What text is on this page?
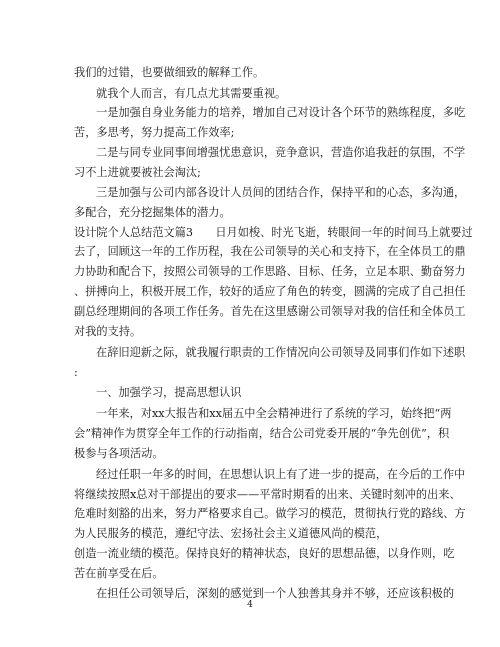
我们的过错，也要做细致的解释工作。
就我个人而言，有几点尤其需要重视。
一是加强自身业务能力的培养，增加自己对设计各个环节的熟练程度，多吃
苦，多思考，努力提高工作效率;
二是与同专业同事间增强忧患意识，竞争意识，营造你追我赶的氛围，不学
习不上进就要被社会淘汰;
三是加强与公司内部各设计人员间的团结合作，保持平和的心态，多沟通，
多配合，充分挖掘集体的潜力。
设计院个人总结范文篇3　　日月如梭、时光飞逝，转眼间一年的时间马上就要过
去了，回顾这一年的工作历程，我在公司领导的关心和支持下，在全体员工的鼎
力协助和配合下，按照公司领导的工作思路、目标、任务，立足本职、勤奋努力
、拼搏向上，积极开展工作，较好的适应了角色的转变，圆满的完成了自己担任
副总经理期间的各项工作任务。首先在这里感谢公司领导对我的信任和全体员工
对我的支持。
在辞旧迎新之际，就我履行职责的工作情况向公司领导及同事们作如下述职
:
一、加强学习，提高思想认识
一年来，对xx大报告和xx届五中全会精神进行了系统的学习，始终把“两
会”精神作为贯穿全年工作的行动指南，结合公司党委开展的“争先创优”，积
极参与各项活动。
经过任职一年多的时间，在思想认识上有了进一步的提高，在今后的工作中
将继续按照x总对干部提出的要求——平常时期看的出来、关键时刻冲的出来、
危难时刻豁的出来，努力严格要求自己。做学习的模范，贯彻执行党的路线、方
为人民服务的模范，遵纪守法、宏扬社会主义道德风尚的模范，
创造一流业绩的模范。保持良好的精神状态，良好的思想品德，以身作则，吃
苦在前享受在后。
在担任公司领导后，深刻的感觉到一个人独善其身并不够，还应该积极的
4
